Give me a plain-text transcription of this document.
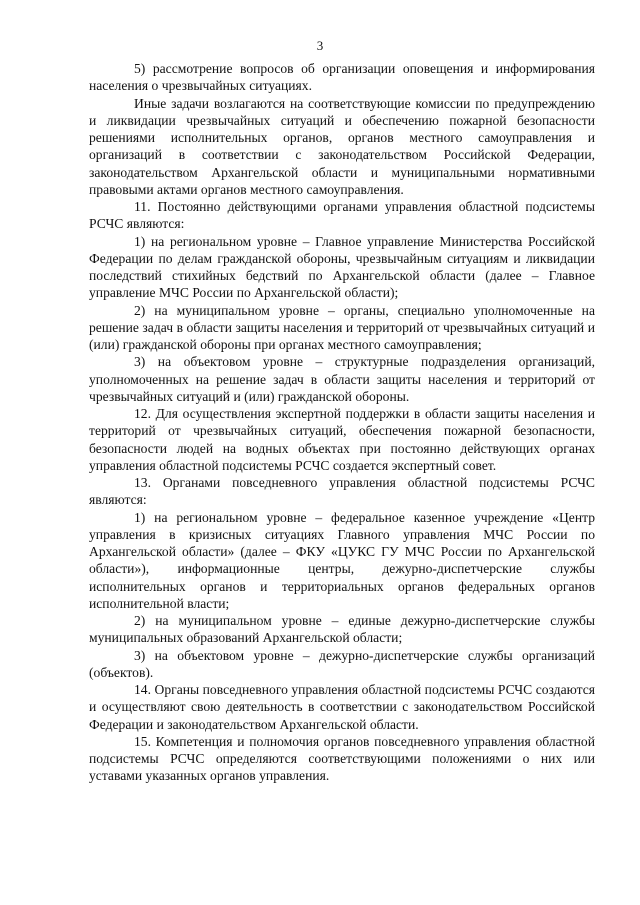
3

5) рассмотрение вопросов об организации оповещения и информирования населения о чрезвычайных ситуациях.

Иные задачи возлагаются на соответствующие комиссии по предупреждению и ликвидации чрезвычайных ситуаций и обеспечению пожарной безопасности решениями исполнительных органов, органов местного самоуправления и организаций в соответствии с законодательством Российской Федерации, законодательством Архангельской области и муниципальными нормативными правовыми актами органов местного самоуправления.

11. Постоянно действующими органами управления областной подсистемы РСЧС являются:

1) на региональном уровне – Главное управление Министерства Российской Федерации по делам гражданской обороны, чрезвычайным ситуациям и ликвидации последствий стихийных бедствий по Архангельской области (далее – Главное управление МЧС России по Архангельской области);

2) на муниципальном уровне – органы, специально уполномоченные на решение задач в области защиты населения и территорий от чрезвычайных ситуаций и (или) гражданской обороны при органах местного самоуправления;

3) на объектовом уровне – структурные подразделения организаций, уполномоченных на решение задач в области защиты населения и территорий от чрезвычайных ситуаций и (или) гражданской обороны.

12. Для осуществления экспертной поддержки в области защиты населения и территорий от чрезвычайных ситуаций, обеспечения пожарной безопасности, безопасности людей на водных объектах при постоянно действующих органах управления областной подсистемы РСЧС создается экспертный совет.

13. Органами повседневного управления областной подсистемы РСЧС являются:

1) на региональном уровне – федеральное казенное учреждение «Центр управления в кризисных ситуациях Главного управления МЧС России по Архангельской области» (далее – ФКУ «ЦУКС ГУ МЧС России по Архангельской области»), информационные центры, дежурно-диспетчерские службы исполнительных органов и территориальных органов федеральных органов исполнительной власти;

2) на муниципальном уровне – единые дежурно-диспетчерские службы муниципальных образований Архангельской области;

3) на объектовом уровне – дежурно-диспетчерские службы организаций (объектов).

14. Органы повседневного управления областной подсистемы РСЧС создаются и осуществляют свою деятельность в соответствии с законодательством Российской Федерации и законодательством Архангельской области.

15. Компетенция и полномочия органов повседневного управления областной подсистемы РСЧС определяются соответствующими положениями о них или уставами указанных органов управления.
